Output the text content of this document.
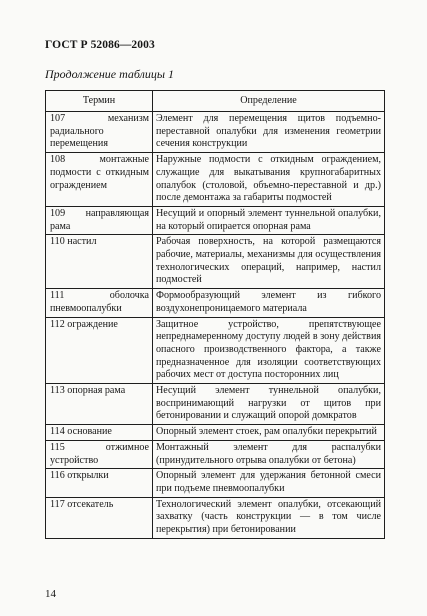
ГОСТ Р 52086—2003
Продолжение таблицы 1
Термин	Определение
107 механизм радиального перемещения	Элемент для перемещения щитов подъемно-переставной опалубки для изменения геометрии сечения конструкции
108 монтажные подмости с откидным ограждением	Наружные подмости с откидным ограждением, служащие для выкатывания крупногабаритных опалубок (столовой, объемно-переставной и др.) после демонтажа за габариты подмостей
109 направляющая рама	Несущий и опорный элемент туннельной опалубки, на который опирается опорная рама
110 настил	Рабочая поверхность, на которой размещаются рабочие, материалы, механизмы для осуществления технологических операций, например, настил подмостей
111 оболочка пневмоопалубки	Формообразующий элемент из гибкого воздухонепроницаемого материала
112 ограждение	Защитное устройство, препятствующее непреднамеренному доступу людей в зону действия опасного производственного фактора, а также предназначенное для изоляции соответствующих рабочих мест от доступа посторонних лиц
113 опорная рама	Несущий элемент туннельной опалубки, воспринимающий нагрузки от щитов при бетонировании и служащий опорой домкратов
114 основание	Опорный элемент стоек, рам опалубки перекрытий
115 отжимное устройство	Монтажный элемент для распалубки (принудительного отрыва опалубки от бетона)
116 открылки	Опорный элемент для удержания бетонной смеси при подъеме пневмоопалубки
117 отсекатель	Технологический элемент опалубки, отсекающий захватку (часть конструкции — в том числе перекрытия) при бетонировании
14
